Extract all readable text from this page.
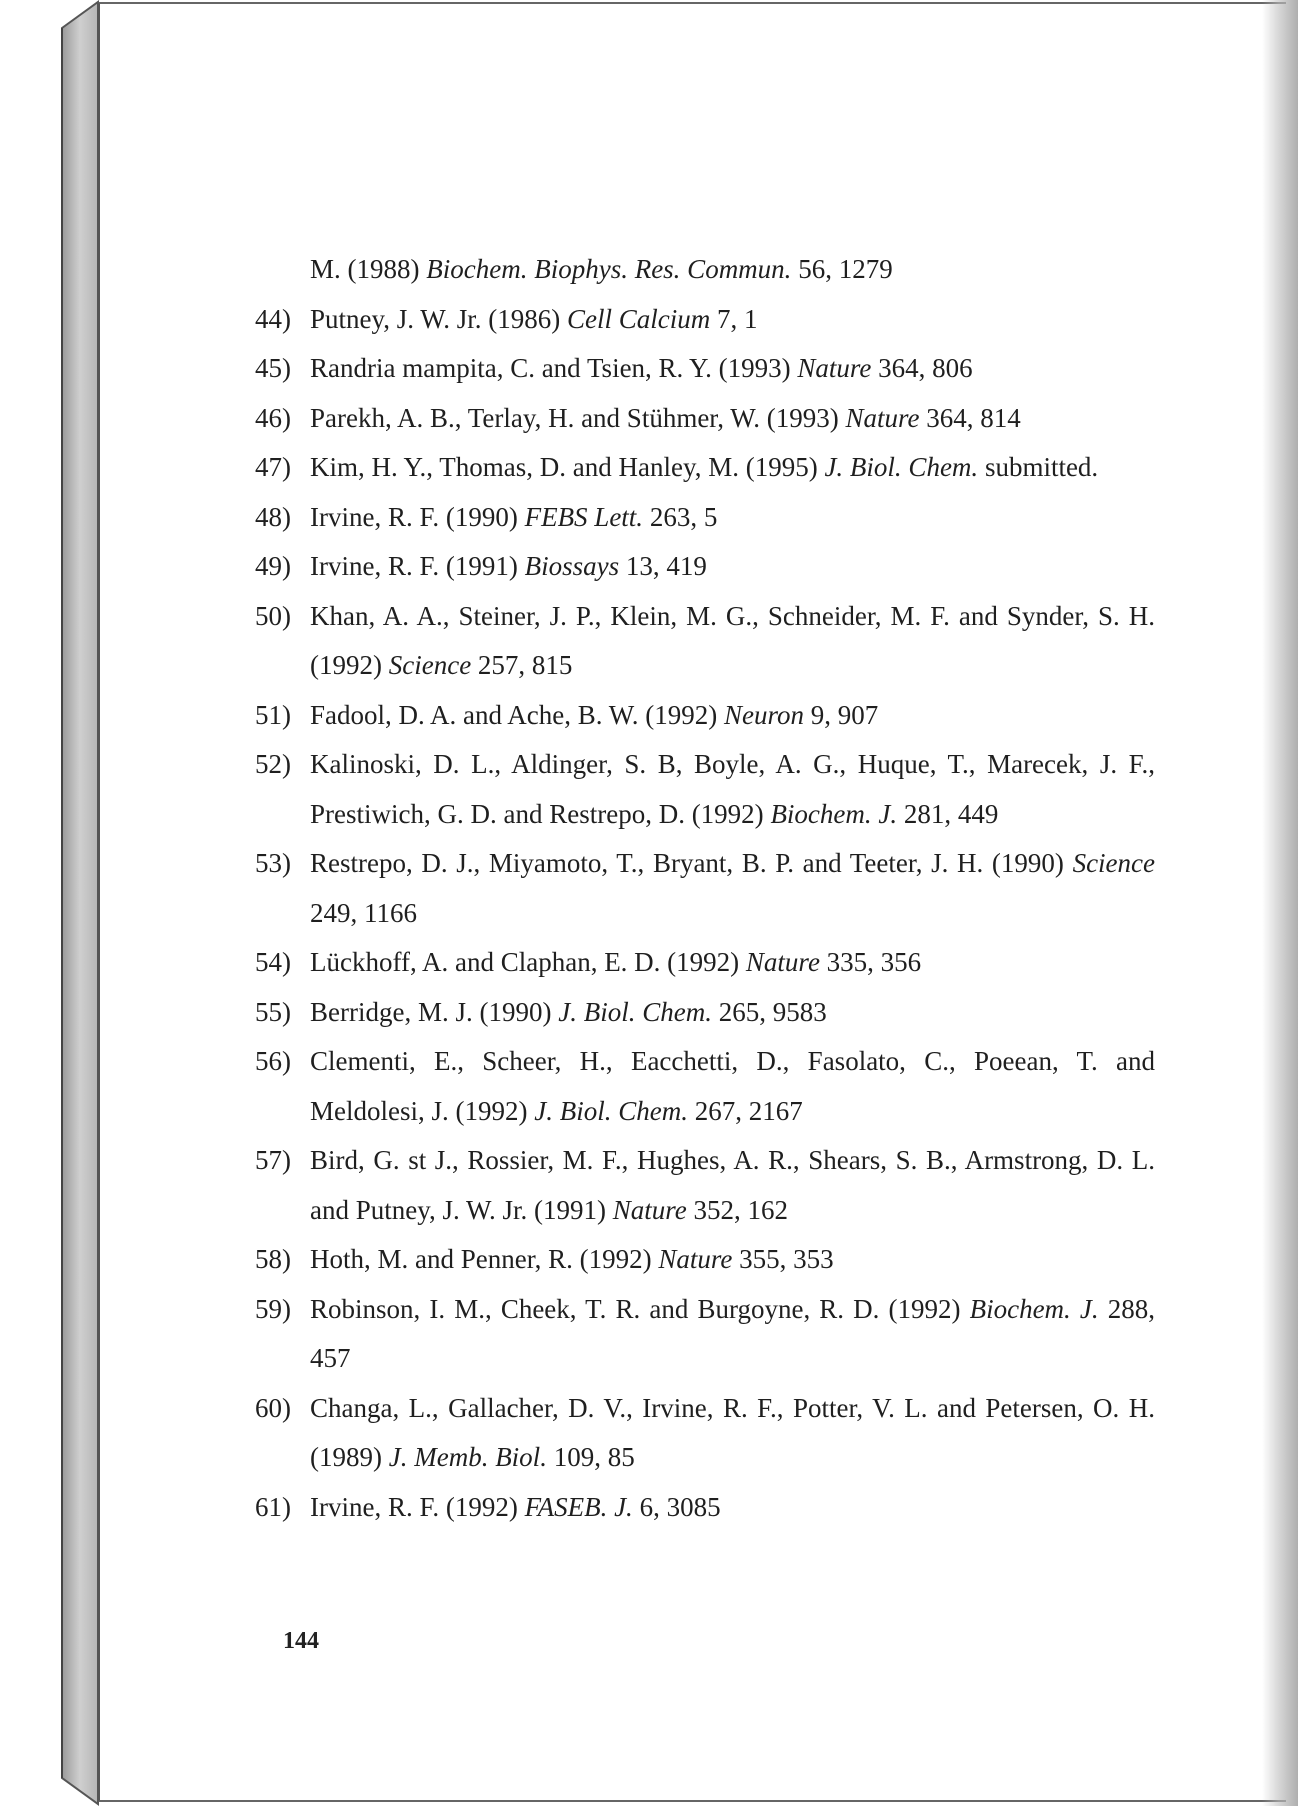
M. (1988) Biochem. Biophys. Res. Commun. 56, 1279
44) Putney, J. W. Jr. (1986) Cell Calcium 7, 1
45) Randria mampita, C. and Tsien, R. Y. (1993) Nature 364, 806
46) Parekh, A. B., Terlay, H. and Stühmer, W. (1993) Nature 364, 814
47) Kim, H. Y., Thomas, D. and Hanley, M. (1995) J. Biol. Chem. submitted.
48) Irvine, R. F. (1990) FEBS Lett. 263, 5
49) Irvine, R. F. (1991) Biossays 13, 419
50) Khan, A. A., Steiner, J. P., Klein, M. G., Schneider, M. F. and Synder, S. H. (1992) Science 257, 815
51) Fadool, D. A. and Ache, B. W. (1992) Neuron 9, 907
52) Kalinoski, D. L., Aldinger, S. B, Boyle, A. G., Huque, T., Marecek, J. F., Prestiwich, G. D. and Restrepo, D. (1992) Biochem. J. 281, 449
53) Restrepo, D. J., Miyamoto, T., Bryant, B. P. and Teeter, J. H. (1990) Science 249, 1166
54) Lückhoff, A. and Claphan, E. D. (1992) Nature 335, 356
55) Berridge, M. J. (1990) J. Biol. Chem. 265, 9583
56) Clementi, E., Scheer, H., Eacchetti, D., Fasolato, C., Poeean, T. and Meldolesi, J. (1992) J. Biol. Chem. 267, 2167
57) Bird, G. st J., Rossier, M. F., Hughes, A. R., Shears, S. B., Armstrong, D. L. and Putney, J. W. Jr. (1991) Nature 352, 162
58) Hoth, M. and Penner, R. (1992) Nature 355, 353
59) Robinson, I. M., Cheek, T. R. and Burgoyne, R. D. (1992) Biochem. J. 288, 457
60) Changa, L., Gallacher, D. V., Irvine, R. F., Potter, V. L. and Petersen, O. H. (1989) J. Memb. Biol. 109, 85
61) Irvine, R. F. (1992) FASEB. J. 6, 3085
144
